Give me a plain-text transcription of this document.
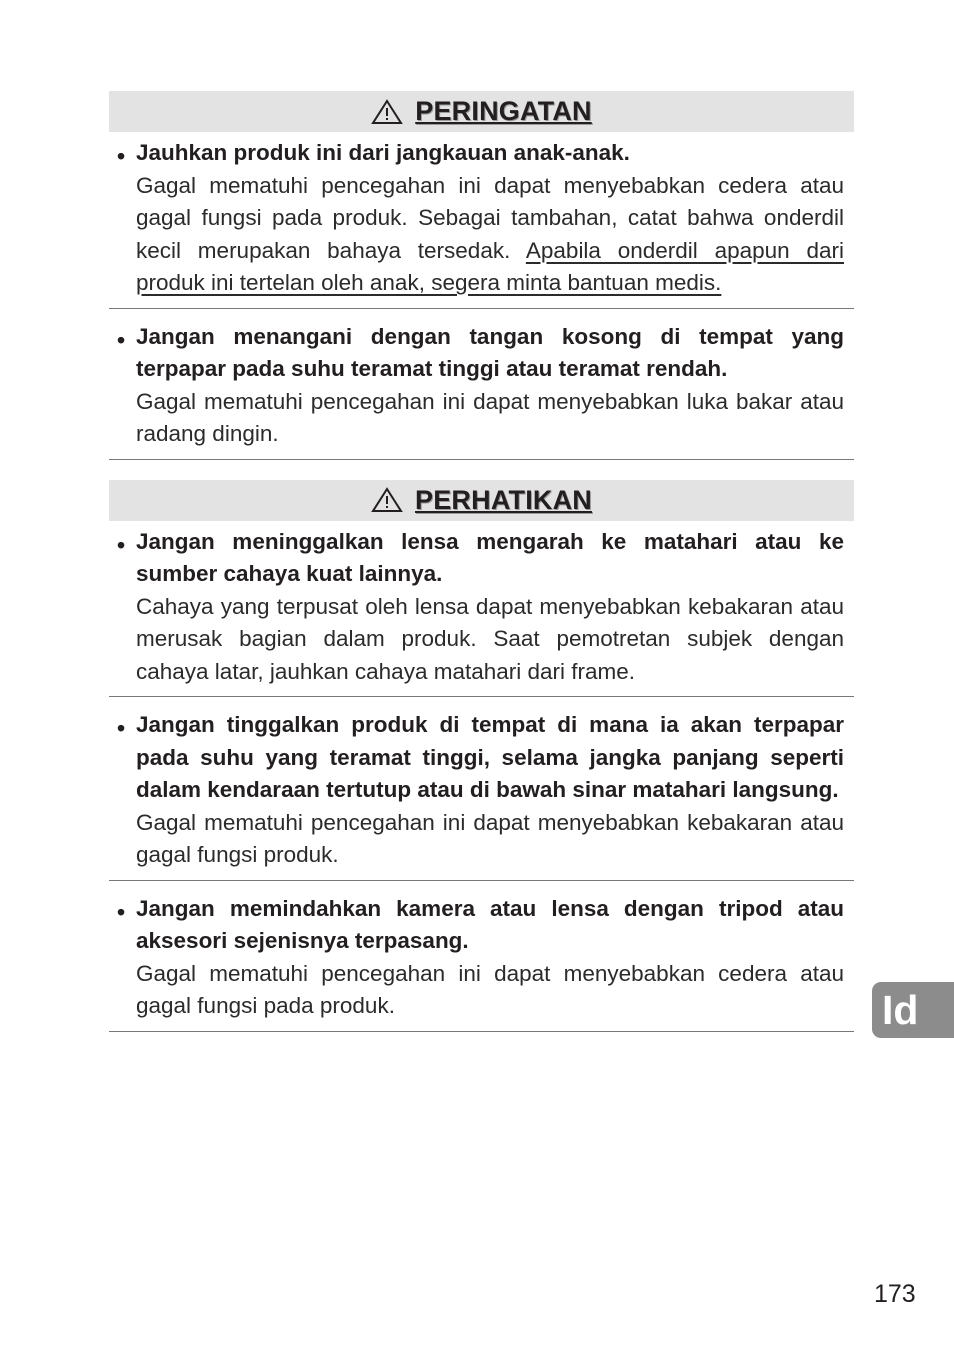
PERINGATAN
• Jauhkan produk ini dari jangkauan anak-anak.
Gagal mematuhi pencegahan ini dapat menyebabkan cedera atau gagal fungsi pada produk. Sebagai tambahan, catat bahwa onderdil kecil merupakan bahaya tersedak. Apabila onderdil apapun dari produk ini tertelan oleh anak, segera minta bantuan medis.
• Jangan menangani dengan tangan kosong di tempat yang terpapar pada suhu teramat tinggi atau teramat rendah.
Gagal mematuhi pencegahan ini dapat menyebabkan luka bakar atau radang dingin.
PERHATIKAN
• Jangan meninggalkan lensa mengarah ke matahari atau ke sumber cahaya kuat lainnya.
Cahaya yang terpusat oleh lensa dapat menyebabkan kebakaran atau merusak bagian dalam produk. Saat pemotretan subjek dengan cahaya latar, jauhkan cahaya matahari dari frame.
• Jangan tinggalkan produk di tempat di mana ia akan terpapar pada suhu yang teramat tinggi, selama jangka panjang seperti dalam kendaraan tertutup atau di bawah sinar matahari langsung.
Gagal mematuhi pencegahan ini dapat menyebabkan kebakaran atau gagal fungsi produk.
• Jangan memindahkan kamera atau lensa dengan tripod atau aksesori sejenisnya terpasang.
Gagal mematuhi pencegahan ini dapat menyebabkan cedera atau gagal fungsi pada produk.	Id
173
